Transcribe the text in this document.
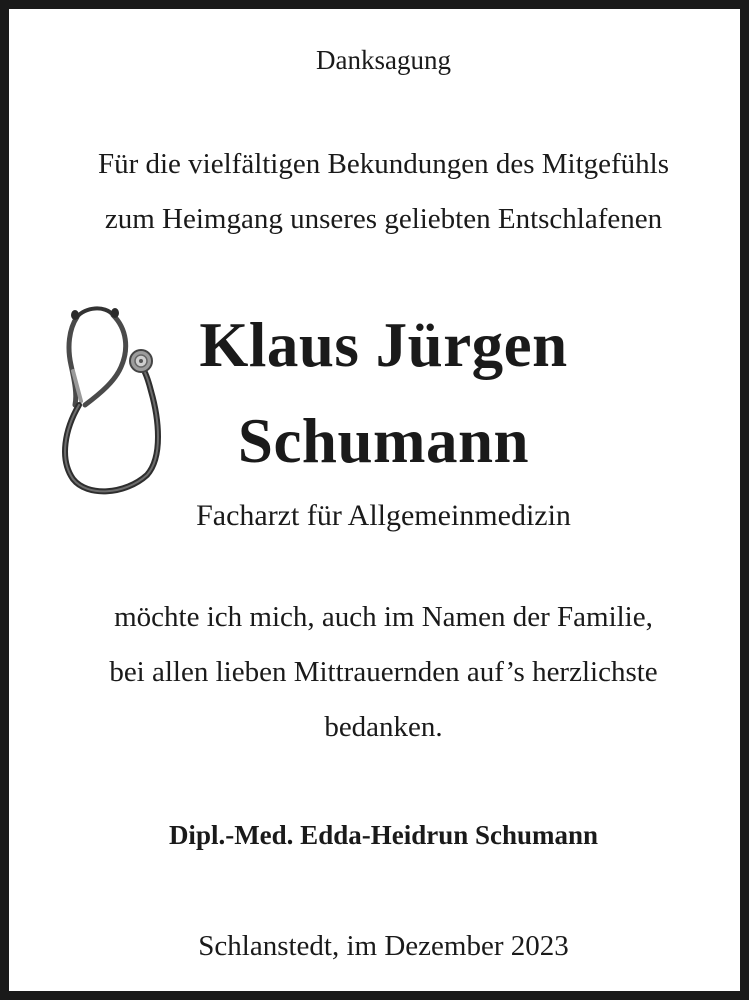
Danksagung
Für die vielfältigen Bekundungen des Mitgefühls
zum Heimgang unseres geliebten Entschlafenen
Klaus Jürgen
Schumann
Facharzt für Allgemeinmedizin
möchte ich mich, auch im Namen der Familie,
bei allen lieben Mittrauernden auf’s herzlichste
bedanken.
Dipl.-Med. Edda-Heidrun Schumann
Schlanstedt, im Dezember 2023
